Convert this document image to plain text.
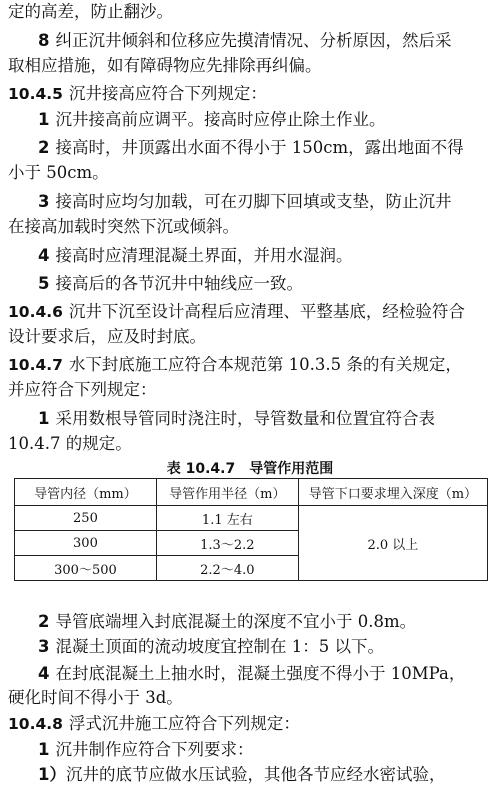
定的高差，防止翻沙。
8 纠正沉井倾斜和位移应先摸清情况、分析原因，然后采
取相应措施，如有障碍物应先排除再纠偏。
10.4.5 沉井接高应符合下列规定：
1 沉井接高前应调平。接高时应停止除土作业。
2 接高时，井顶露出水面不得小于 150cm，露出地面不得
小于 50cm。
3 接高时应均匀加载，可在刃脚下回填或支垫，防止沉井
在接高加载时突然下沉或倾斜。
4 接高时应清理混凝土界面，并用水湿润。
5 接高后的各节沉井中轴线应一致。
10.4.6 沉井下沉至设计高程后应清理、平整基底，经检验符合
设计要求后，应及时封底。
10.4.7 水下封底施工应符合本规范第 10.3.5 条的有关规定，
并应符合下列规定：
1 采用数根导管同时浇注时，导管数量和位置宜符合表
10.4.7 的规定。
表 10.4.7　导管作用范围
导管内径（mm）	导管作用半径（m）	导管下口要求埋入深度（m）
250	1.1 左右	2.0 以上
300	1.3～2.2	
300～500	2.2～4.0	
2 导管底端埋入封底混凝土的深度不宜小于 0.8m。
3 混凝土顶面的流动坡度宜控制在 1：5 以下。
4 在封底混凝土上抽水时，混凝土强度不得小于 10MPa，
硬化时间不得小于 3d。
10.4.8 浮式沉井施工应符合下列规定：
1 沉井制作应符合下列要求：
1）沉井的底节应做水压试验，其他各节应经水密试验，
